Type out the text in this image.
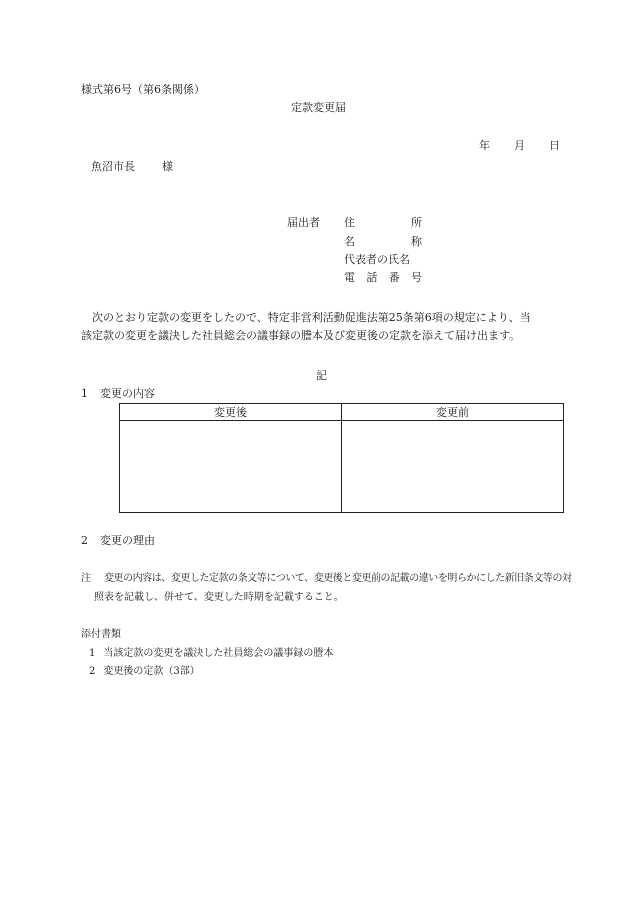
様式第6号（第6条関係）
定款変更届
年 月 日
魚沼市長 様
届出者 住	所
名	称
代表者の氏名
電 話 番 号
次のとおり定款の変更をしたので、特定非営利活動促進法第25条第6項の規定により、当
該定款の変更を議決した社員総会の議事録の謄本及び変更後の定款を添えて届け出ます。
記
1 変更の内容
変更後	変更前

2 変更の理由
注 変更の内容は、変更した定款の条文等について、変更後と変更前の記載の違いを明らかにした新旧条文等の対
照表を記載し、併せて、変更した時期を記載すること。
添付書類
1 当該定款の変更を議決した社員総会の議事録の謄本
2 変更後の定款（3部）
